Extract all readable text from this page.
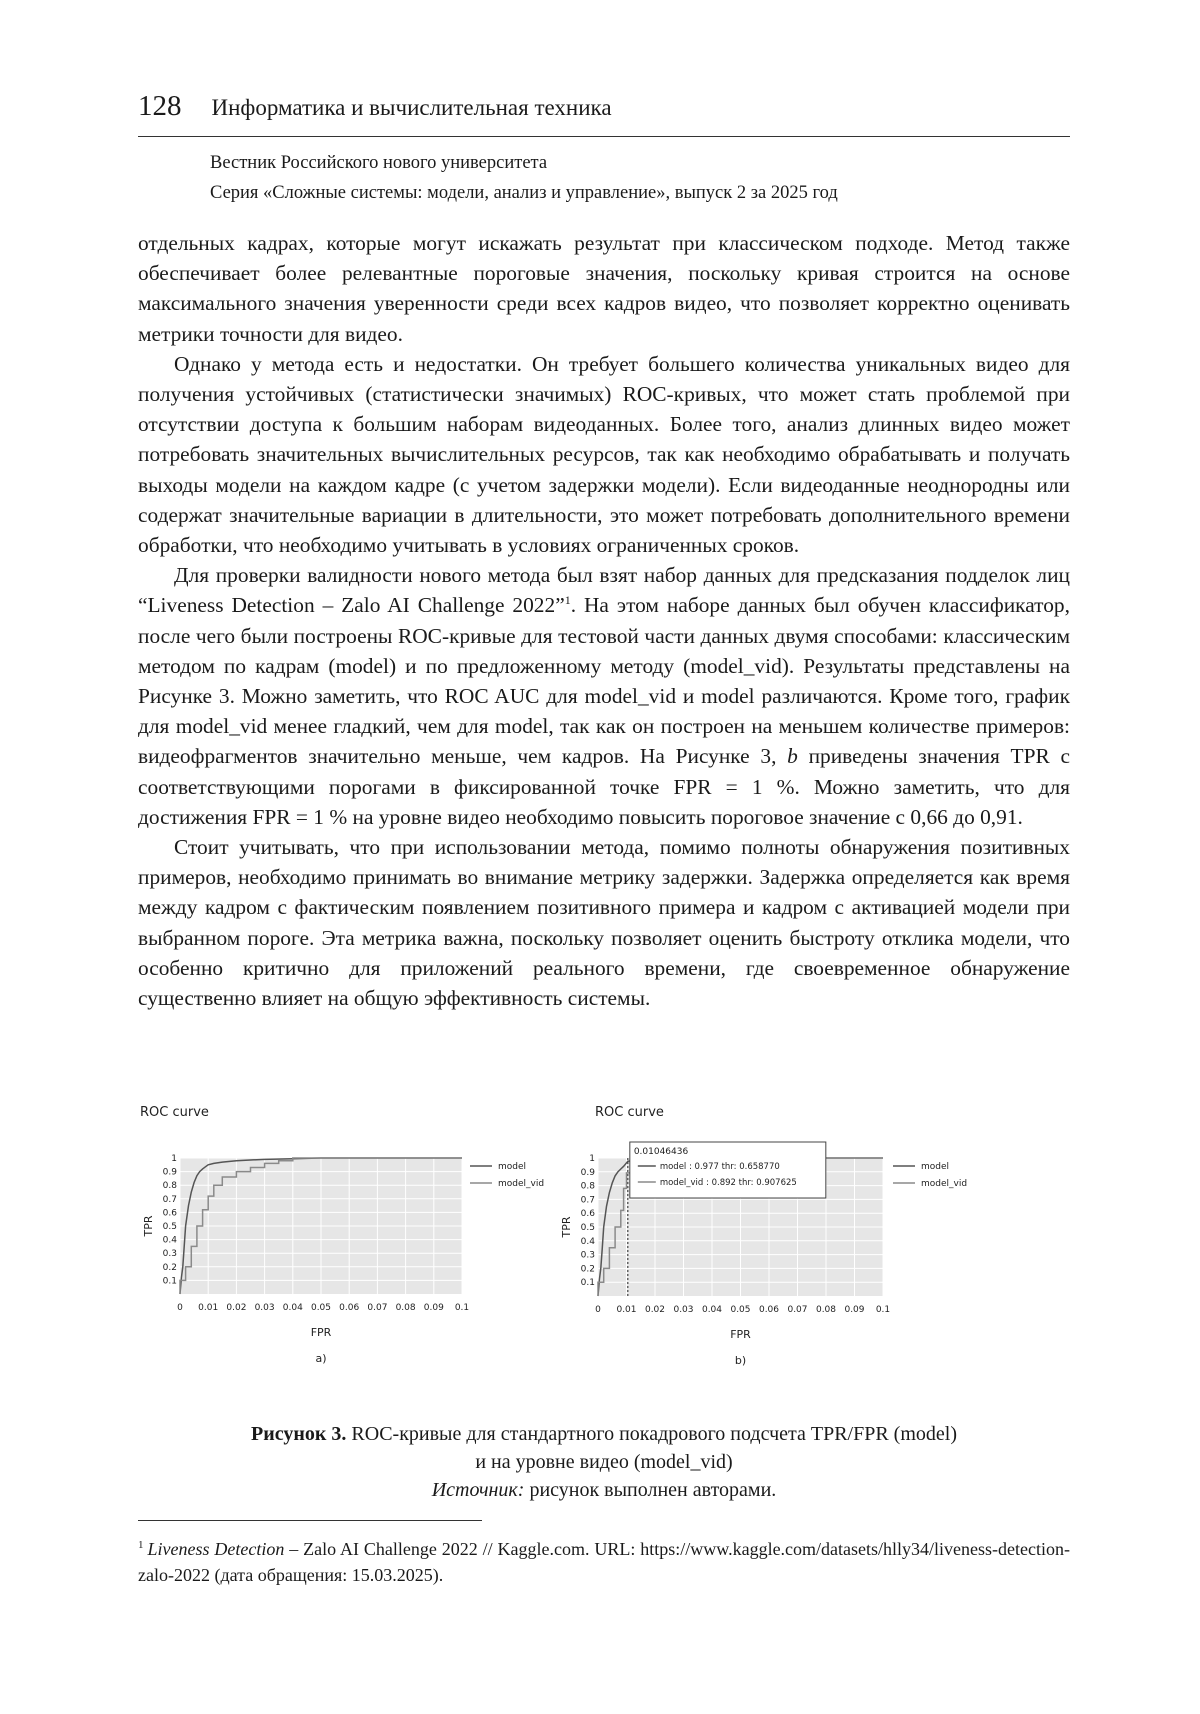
128 Информатика и вычислительная техника
Вестник Российского нового университета
Серия «Сложные системы: модели, анализ и управление», выпуск 2 за 2025 год

отдельных кадрах, которые могут искажать результат при классическом подходе. Метод также обеспечивает более релевантные пороговые значения, поскольку кривая строится на основе максимального значения уверенности среди всех кадров видео, что позволяет корректно оценивать метрики точности для видео.

Однако у метода есть и недостатки. Он требует большего количества уникальных видео для получения устойчивых (статистически значимых) ROC-кривых, что может стать проблемой при отсутствии доступа к большим наборам видеоданных. Более того, анализ длинных видео может потребовать значительных вычислительных ресурсов, так как необходимо обрабатывать и получать выходы модели на каждом кадре (с учетом задержки модели). Если видеоданные неоднородны или содержат значительные вариации в длительности, это может потребовать дополнительного времени обработки, что необходимо учитывать в условиях ограниченных сроков.

Для проверки валидности нового метода был взят набор данных для предсказания подделок лиц “Liveness Detection – Zalo AI Challenge 2022”$^1$. На этом наборе данных был обучен классификатор, после чего были построены ROC-кривые для тестовой части данных двумя способами: классическим методом по кадрам (model) и по предложенному методу (model_vid). Результаты представлены на Рисунке 3. Можно заметить, что ROC AUC для model_vid и model различаются. Кроме того, график для model_vid менее гладкий, чем для model, так как он построен на меньшем количестве примеров: видеофрагментов значительно меньше, чем кадров. На Рисунке 3, b приведены значения TPR с соответствующими порогами в фиксированной точке FPR = 1 %. Можно заметить, что для достижения FPR = 1 % на уровне видео необходимо повысить пороговое значение с 0,66 до 0,91.

Стоит учитывать, что при использовании метода, помимо полноты обнаружения позитивных примеров, необходимо принимать во внимание метрику задержки. Задержка определяется как время между кадром с фактическим появлением позитивного примера и кадром с активацией модели при выбранном пороге. Эта метрика важна, поскольку позволяет оценить быстроту отклика модели, что особенно критично для приложений реального времени, где своевременное обнаружение существенно влияет на общую эффективность системы.

ROC curve
0 0.01 0.02 0.03 0.04 0.05 0.06 0.07 0.08 0.09 0.1
0.1
0.2
0.3
0.4
0.5
0.6
0.7
0.8
0.9
1
FPR
TPR
a)
model
model_vid
ROC curve
0 0.01 0.02 0.03 0.04 0.05 0.06 0.07 0.08 0.09 0.1
0.1
0.2
0.3
0.4
0.5
0.6
0.7
0.8
0.9
1
FPR
TPR
b)
model
model_vid
0.01046436
model : 0.977 thr: 0.658770
model_vid : 0.892 thr: 0.907625
Рисунок 3. ROC-кривые для стандартного покадрового подсчета TPR/FPR (model)
и на уровне видео (model_vid)
Источник: рисунок выполнен авторами.
$^1$ Liveness Detection – Zalo AI Challenge 2022 // Kaggle.com. URL: https://www.kaggle.com/datasets/hlly34/liveness-detection-zalo-2022 (дата обращения: 15.03.2025).
